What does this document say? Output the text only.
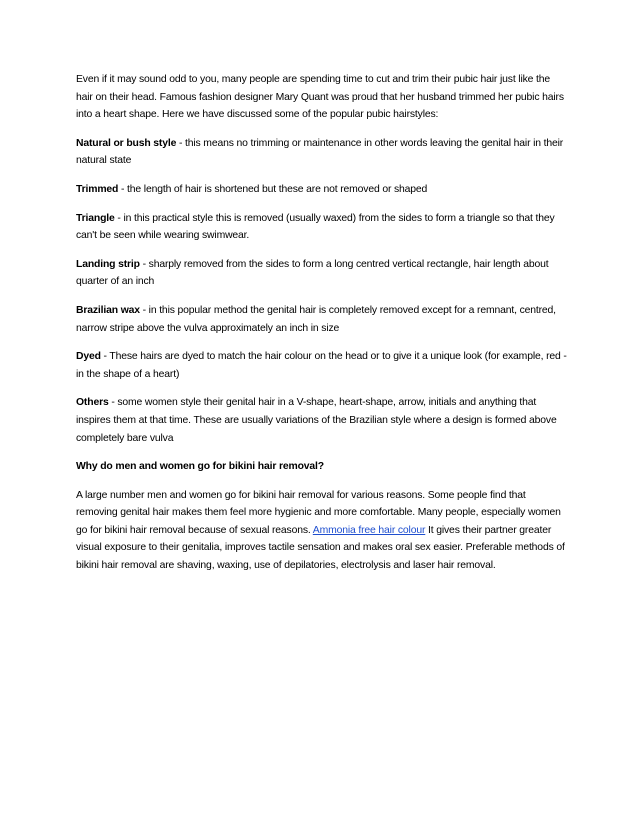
Even if it may sound odd to you, many people are spending time to cut and trim their pubic hair just like the hair on their head. Famous fashion designer Mary Quant was proud that her husband trimmed her pubic hairs into a heart shape. Here we have discussed some of the popular pubic hairstyles:

Natural or bush style - this means no trimming or maintenance in other words leaving the genital hair in their natural state

Trimmed - the length of hair is shortened but these are not removed or shaped

Triangle - in this practical style this is removed (usually waxed) from the sides to form a triangle so that they can't be seen while wearing swimwear.

Landing strip - sharply removed from the sides to form a long centred vertical rectangle, hair length about quarter of an inch

Brazilian wax - in this popular method the genital hair is completely removed except for a remnant, centred, narrow stripe above the vulva approximately an inch in size

Dyed - These hairs are dyed to match the hair colour on the head or to give it a unique look (for example, red - in the shape of a heart)

Others - some women style their genital hair in a V-shape, heart-shape, arrow, initials and anything that inspires them at that time. These are usually variations of the Brazilian style where a design is formed above completely bare vulva

Why do men and women go for bikini hair removal?

A large number men and women go for bikini hair removal for various reasons. Some people find that removing genital hair makes them feel more hygienic and more comfortable. Many people, especially women go for bikini hair removal because of sexual reasons. Ammonia free hair colour It gives their partner greater visual exposure to their genitalia, improves tactile sensation and makes oral sex easier. Preferable methods of bikini hair removal are shaving, waxing, use of depilatories, electrolysis and laser hair removal.
